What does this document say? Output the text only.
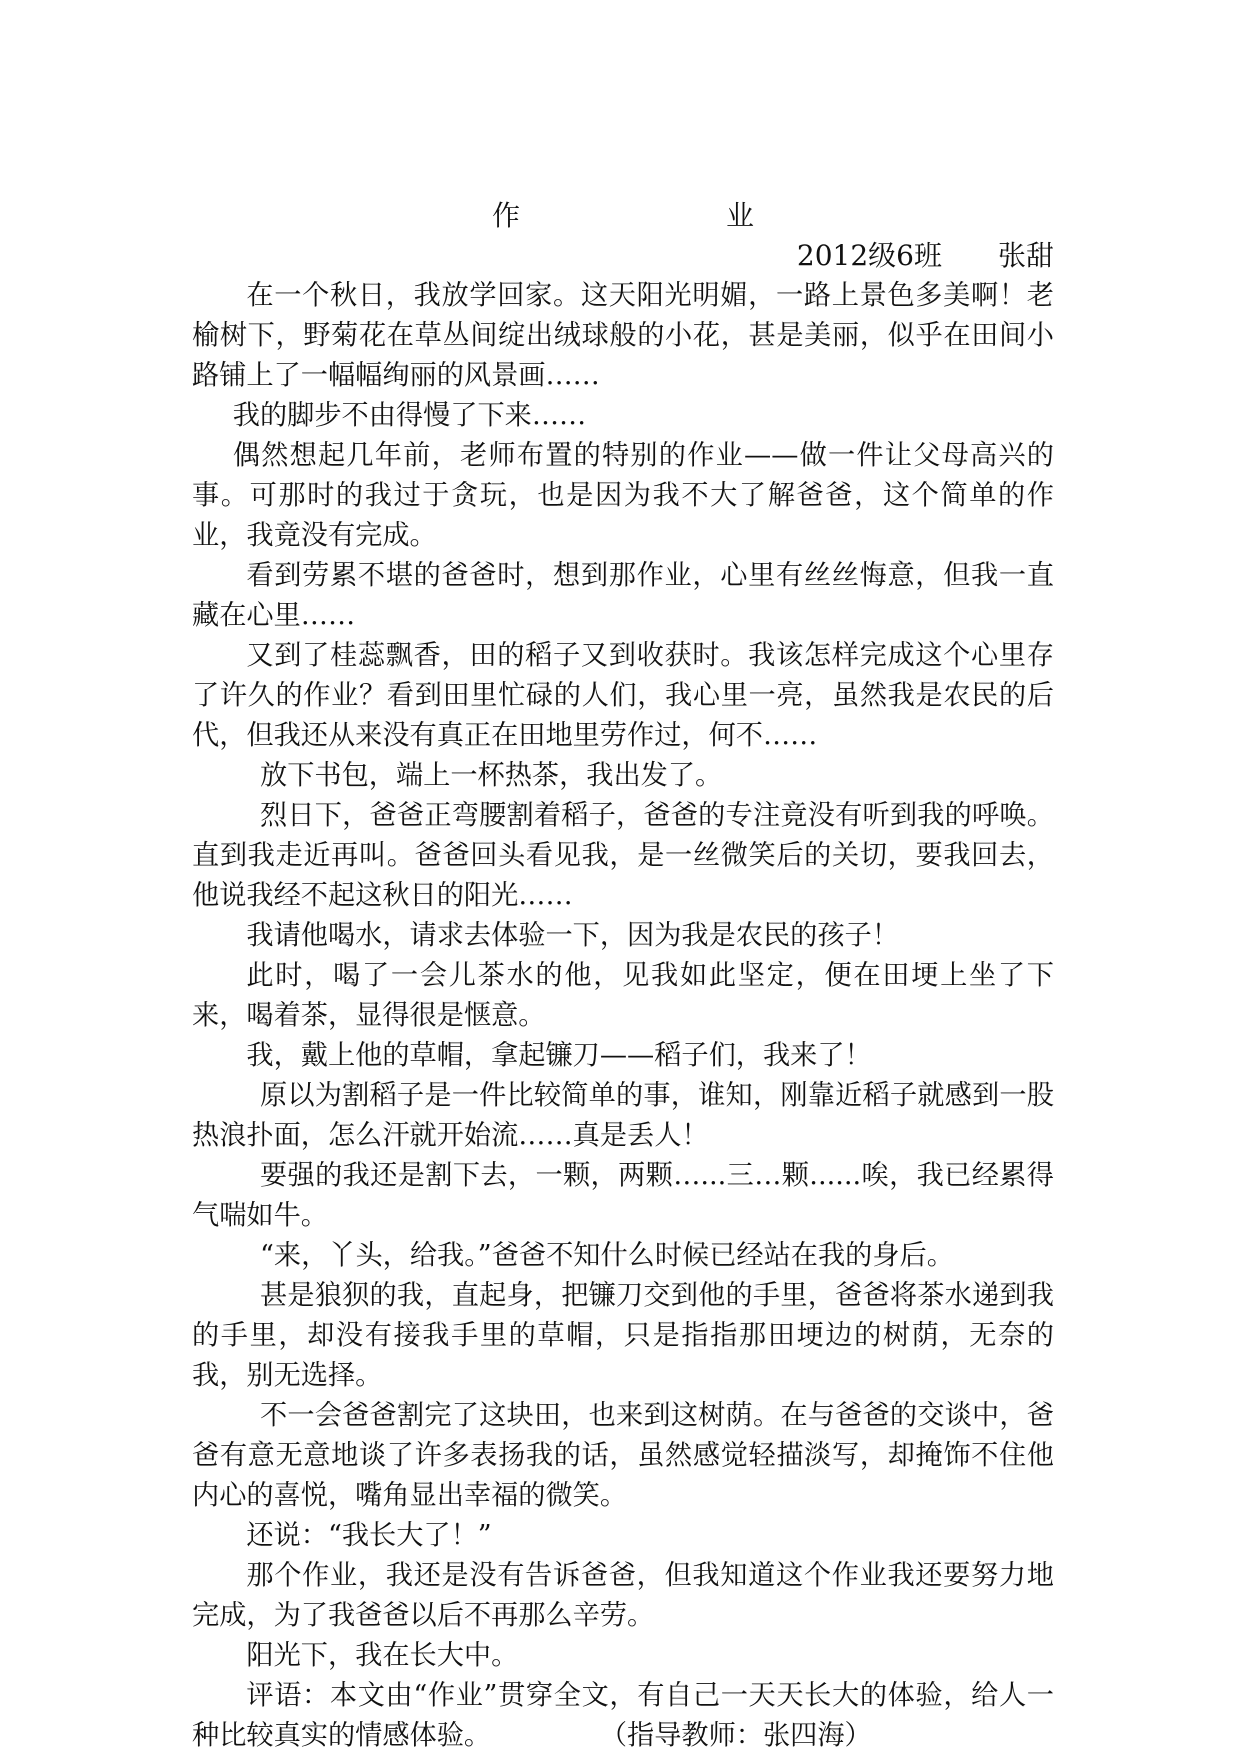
作　　业

2012级6班 张甜

在一个秋日，我放学回家。这天阳光明媚，一路上景色多美啊！老榆树下，野菊花在草丛间绽出绒球般的小花，甚是美丽，似乎在田间小路铺上了一幅幅绚丽的风景画……

我的脚步不由得慢了下来……

偶然想起几年前，老师布置的特别的作业——做一件让父母高兴的事。可那时的我过于贪玩，也是因为我不大了解爸爸，这个简单的作业，我竟没有完成。

看到劳累不堪的爸爸时，想到那作业，心里有丝丝悔意，但我一直藏在心里……

又到了桂蕊飘香，田的稻子又到收获时。我该怎样完成这个心里存了许久的作业？看到田里忙碌的人们，我心里一亮，虽然我是农民的后代，但我还从来没有真正在田地里劳作过，何不……

放下书包，端上一杯热茶，我出发了。

烈日下，爸爸正弯腰割着稻子，爸爸的专注竟没有听到我的呼唤。直到我走近再叫。爸爸回头看见我，是一丝微笑后的关切，要我回去，他说我经不起这秋日的阳光……

我请他喝水，请求去体验一下，因为我是农民的孩子！

此时，喝了一会儿茶水的他，见我如此坚定，便在田埂上坐了下来，喝着茶，显得很是惬意。

我，戴上他的草帽，拿起镰刀——稻子们，我来了！

原以为割稻子是一件比较简单的事，谁知，刚靠近稻子就感到一股热浪扑面，怎么汗就开始流……真是丢人！

要强的我还是割下去，一颗，两颗…...三…颗......唉，我已经累得气喘如牛。

“来，丫头，给我。”爸爸不知什么时候已经站在我的身后。

甚是狼狈的我，直起身，把镰刀交到他的手里，爸爸将茶水递到我的手里，却没有接我手里的草帽，只是指指那田埂边的树荫，无奈的我，别无选择。

不一会爸爸割完了这块田，也来到这树荫。在与爸爸的交谈中，爸爸有意无意地谈了许多表扬我的话，虽然感觉轻描淡写，却掩饰不住他内心的喜悦，嘴角显出幸福的微笑。

还说：“我长大了！”

那个作业，我还是没有告诉爸爸，但我知道这个作业我还要努力地完成，为了我爸爸以后不再那么辛劳。

阳光下，我在长大中。

评语：本文由“作业”贯穿全文，有自己一天天长大的体验，给人一种比较真实的情感体验。　　　　　	（指导教师：张四海）
